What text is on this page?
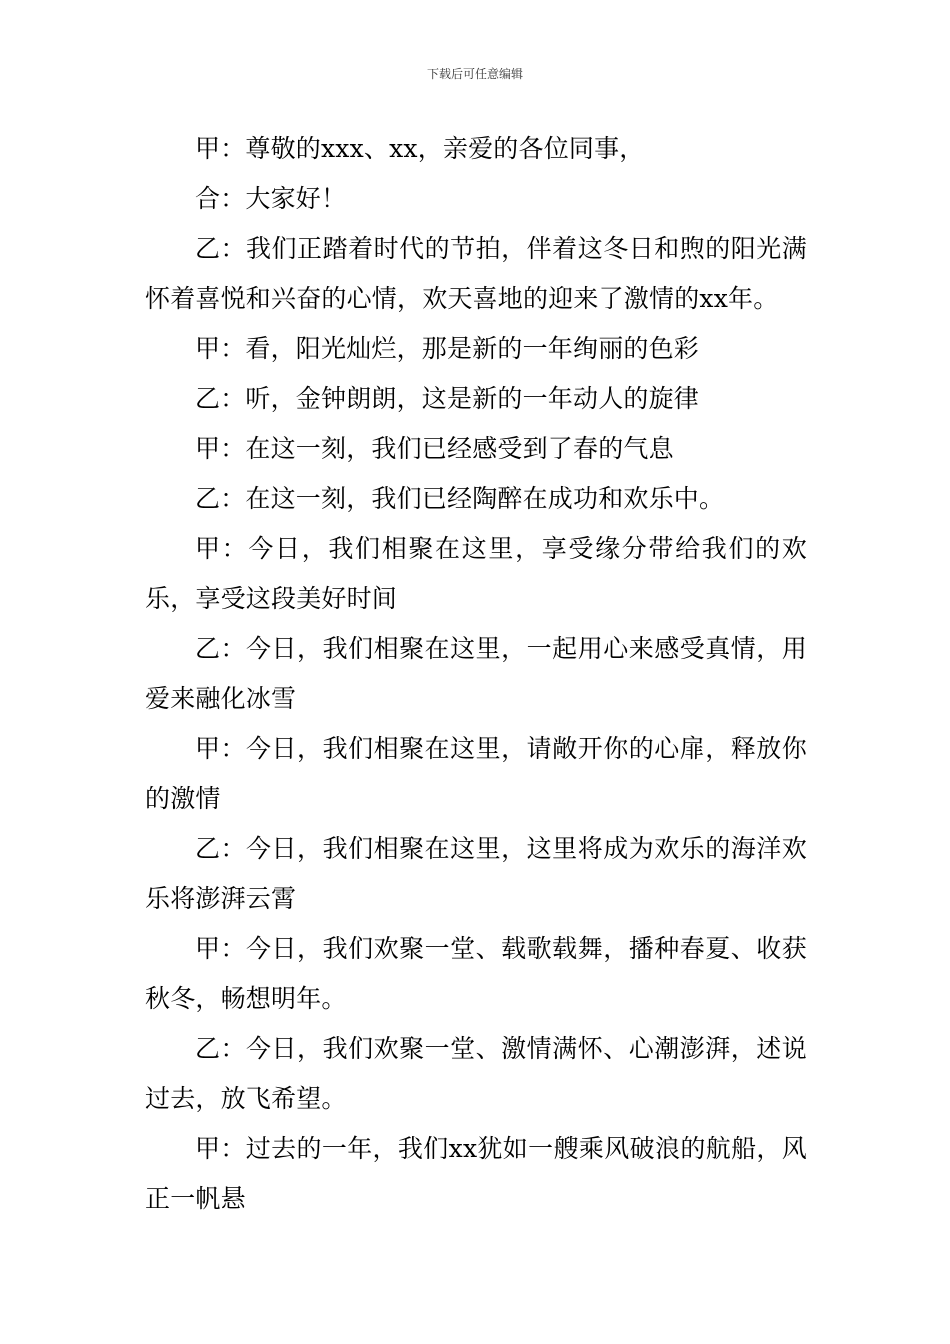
下载后可任意编辑

甲：尊敬的xxx、xx，亲爱的各位同事，

合：大家好！

乙：我们正踏着时代的节拍，伴着这冬日和煦的阳光满怀着喜悦和兴奋的心情，欢天喜地的迎来了激情的xx年。

甲：看，阳光灿烂，那是新的一年绚丽的色彩

乙：听，金钟朗朗，这是新的一年动人的旋律

甲：在这一刻，我们已经感受到了春的气息

乙：在这一刻，我们已经陶醉在成功和欢乐中。

甲：今日，我们相聚在这里，享受缘分带给我们的欢乐，享受这段美好时间

乙：今日，我们相聚在这里，一起用心来感受真情，用爱来融化冰雪

甲：今日，我们相聚在这里，请敞开你的心扉，释放你的激情

乙：今日，我们相聚在这里，这里将成为欢乐的海洋欢乐将澎湃云霄

甲：今日，我们欢聚一堂、载歌载舞，播种春夏、收获秋冬，畅想明年。

乙：今日，我们欢聚一堂、激情满怀、心潮澎湃，述说过去，放飞希望。

甲：过去的一年，我们xx犹如一艘乘风破浪的航船，风正一帆悬
